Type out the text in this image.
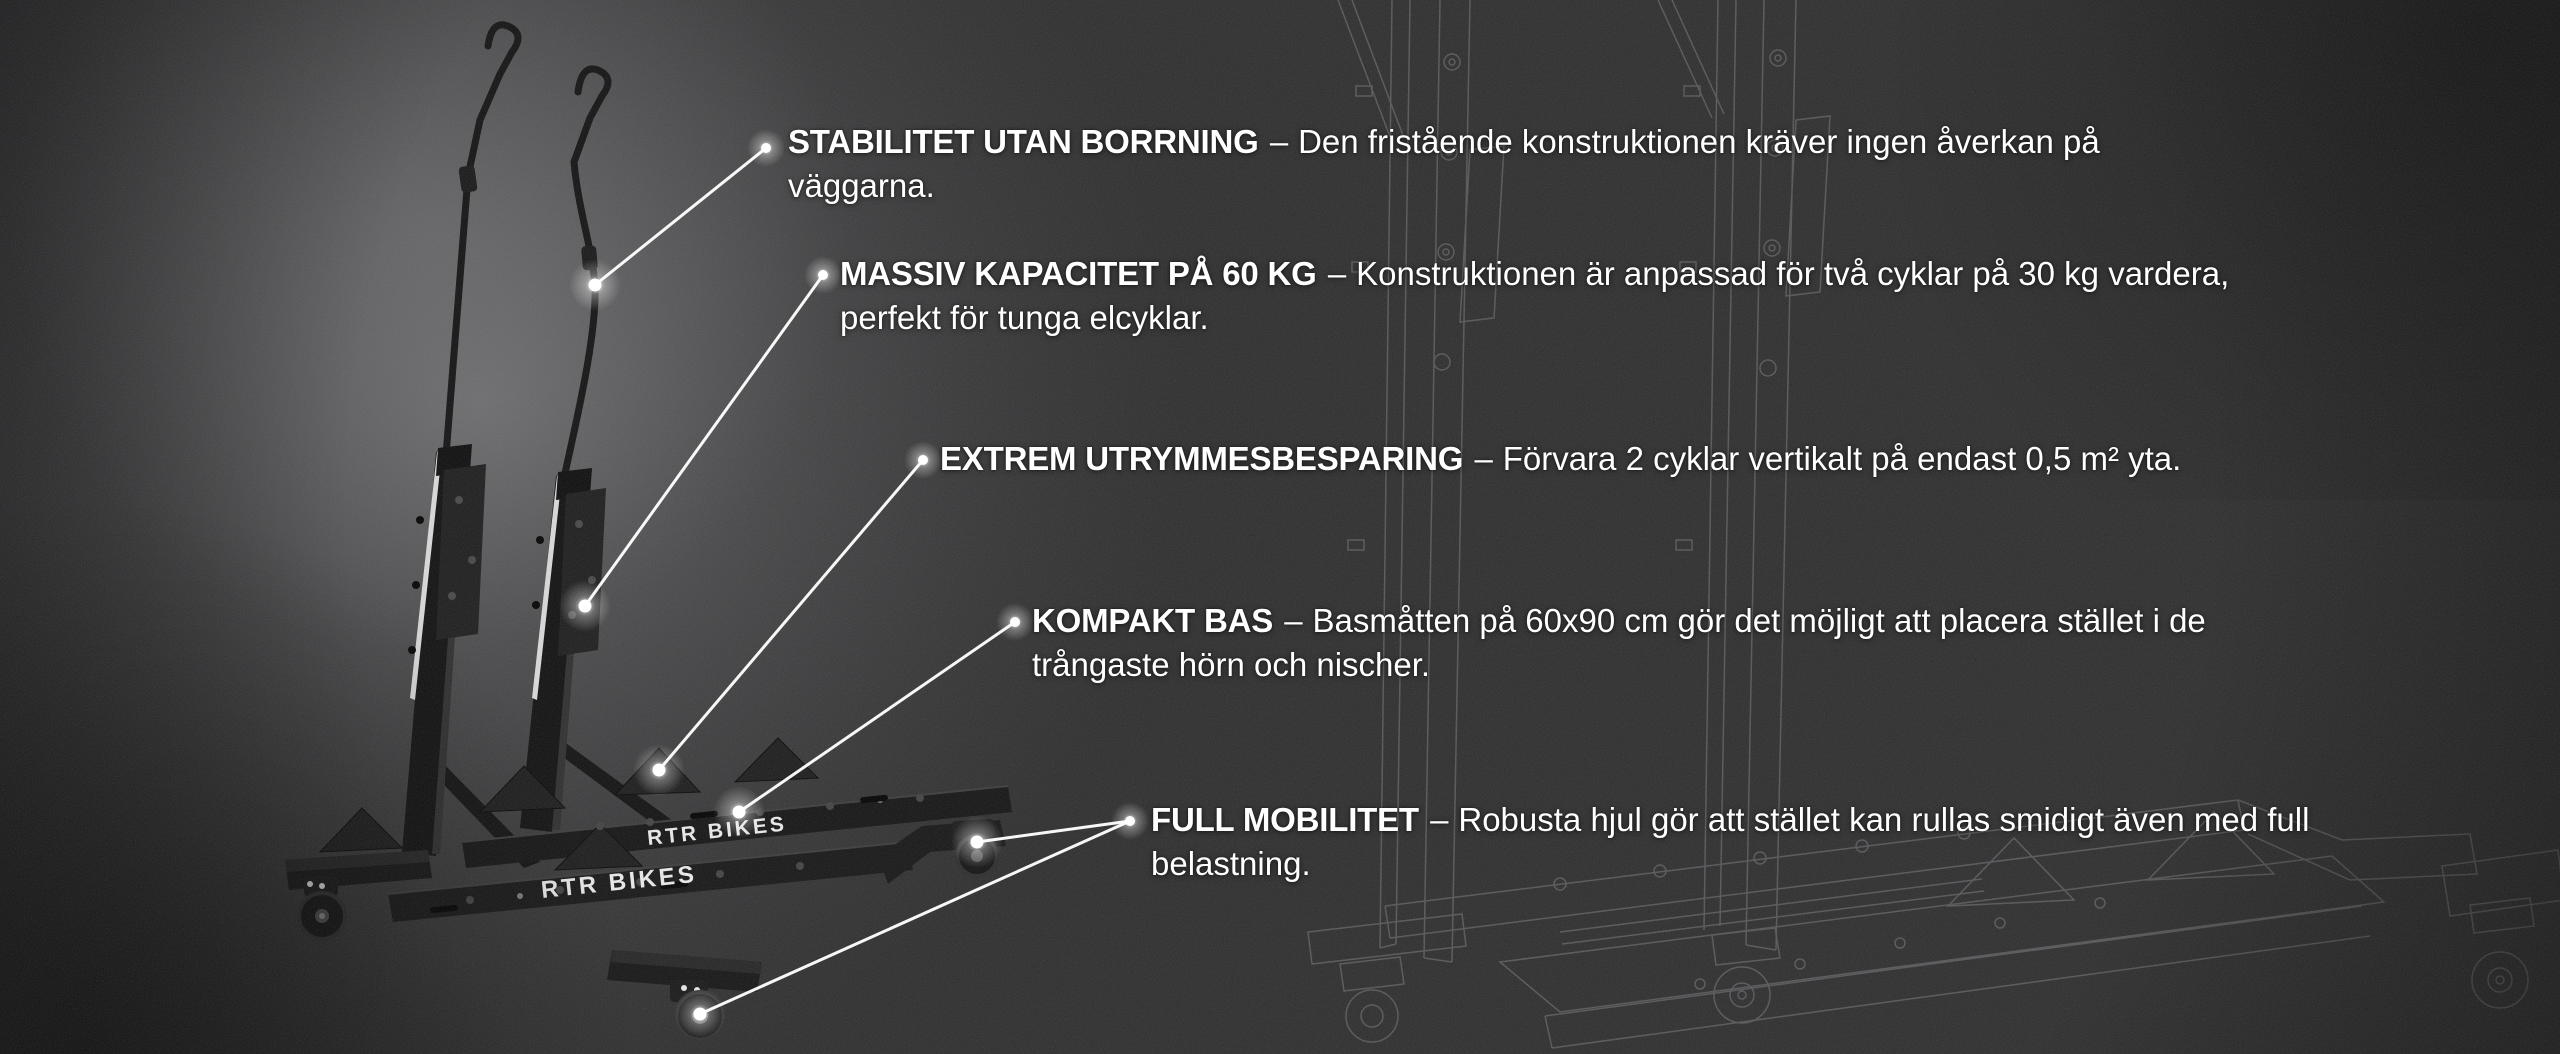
STABILITET UTAN BORRNING – Den fristående konstruktionen kräver ingen åverkan på
väggarna.
MASSIV KAPACITET PÅ 60 KG – Konstruktionen är anpassad för två cyklar på 30 kg vardera,
perfekt för tunga elcyklar.
EXTREM UTRYMMESBESPARING – Förvara 2 cyklar vertikalt på endast 0,5 m² yta.
KOMPAKT BAS – Basmåtten på 60x90 cm gör det möjligt att placera stället i de
trångaste hörn och nischer.
FULL MOBILITET – Robusta hjul gör att stället kan rullas smidigt även med full
belastning.
